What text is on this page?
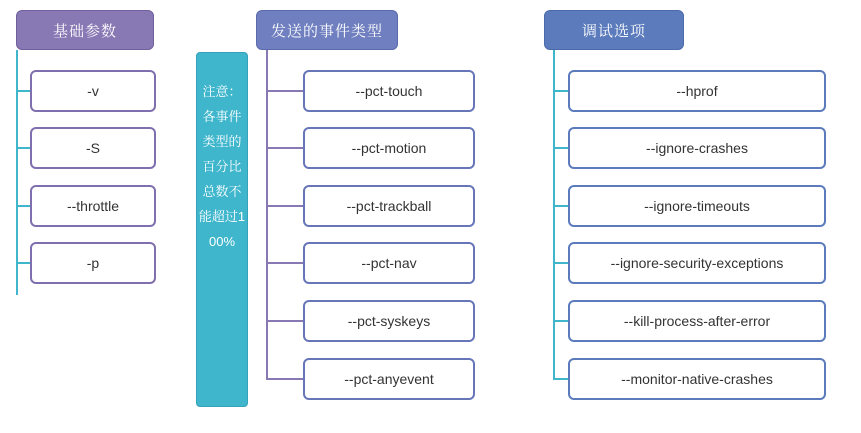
基础参数	发送的事件类型	调试选项
注意：各事件类型的百分比总数不能超过100%
-v
-S
--throttle
-p
--pct-touch
--pct-motion
--pct-trackball
--pct-nav
--pct-syskeys
--pct-anyevent
--hprof
--ignore-crashes
--ignore-timeouts
--ignore-security-exceptions
--kill-process-after-error
--monitor-native-crashes
